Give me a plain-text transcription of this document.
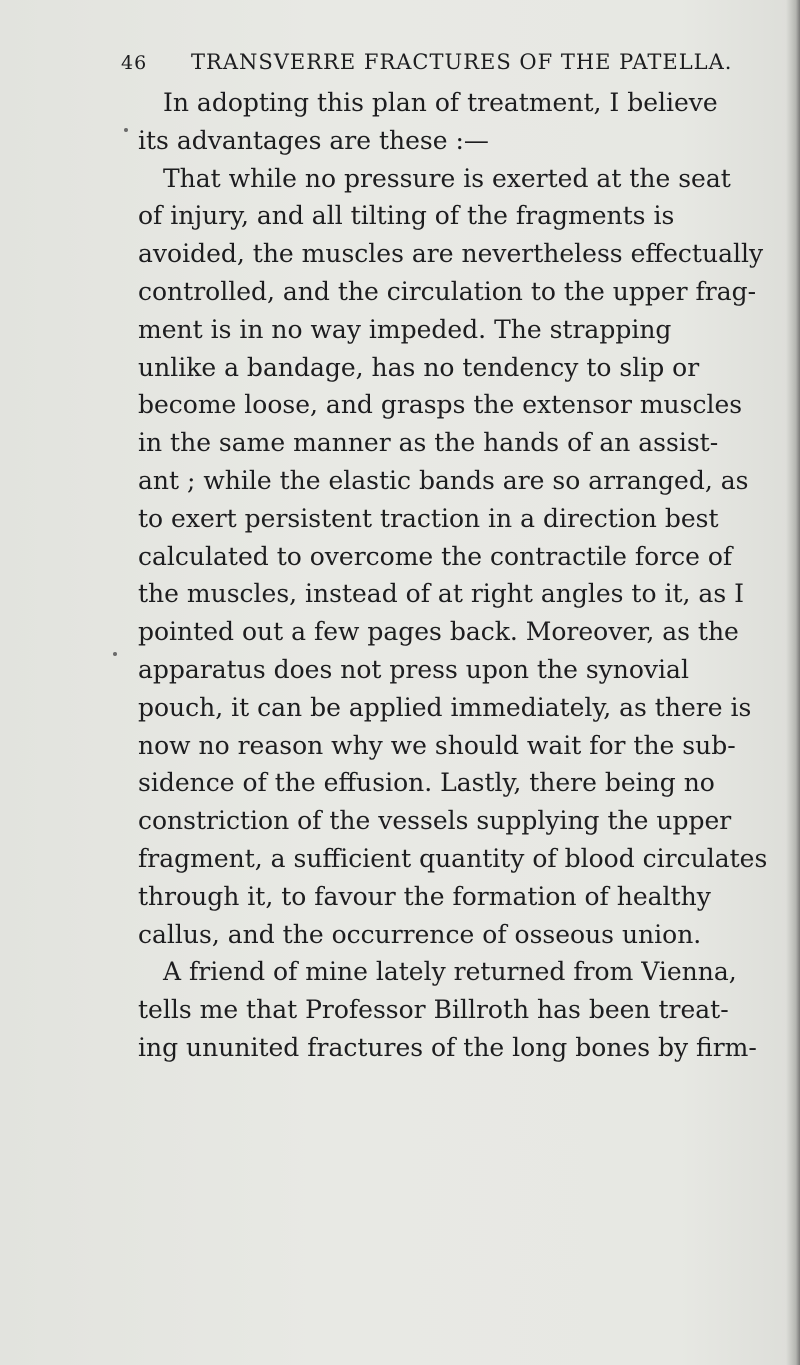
46 TRANSVERRE FRACTURES OF THE PATELLA.
In adopting this plan of treatment, I believe
its advantages are these :—
That while no pressure is exerted at the seat
of injury, and all tilting of the fragments is
avoided, the muscles are nevertheless effectually
controlled, and the circulation to the upper frag-
ment is in no way impeded. The strapping
unlike a bandage, has no tendency to slip or
become loose, and grasps the extensor muscles
in the same manner as the hands of an assist-
ant ; while the elastic bands are so arranged, as
to exert persistent traction in a direction best
calculated to overcome the contractile force of
the muscles, instead of at right angles to it, as I
pointed out a few pages back. Moreover, as the
apparatus does not press upon the synovial
pouch, it can be applied immediately, as there is
now no reason why we should wait for the sub-
sidence of the effusion. Lastly, there being no
constriction of the vessels supplying the upper
fragment, a sufficient quantity of blood circulates
through it, to favour the formation of healthy
callus, and the occurrence of osseous union.
A friend of mine lately returned from Vienna,
tells me that Professor Billroth has been treat-
ing ununited fractures of the long bones by firm-
